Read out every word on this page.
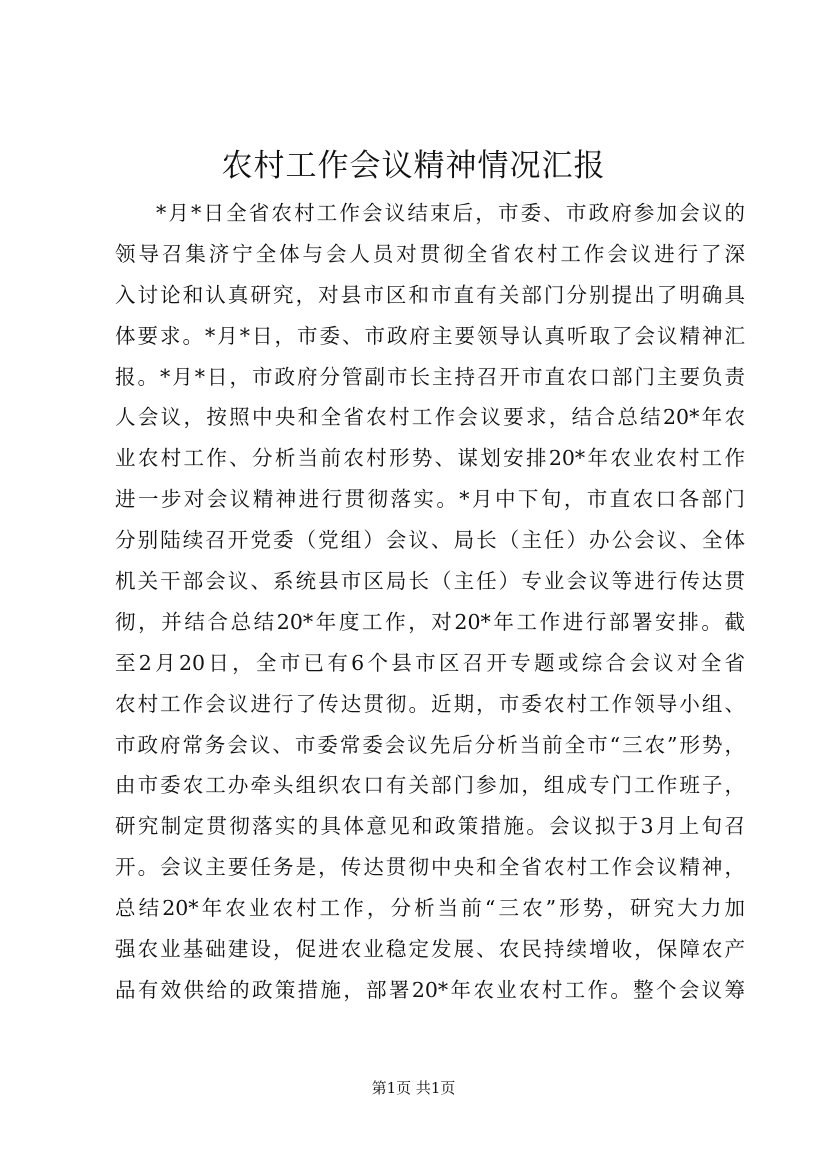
农村工作会议精神情况汇报
*月*日全省农村工作会议结束后，市委、市政府参加会议的
领导召集济宁全体与会人员对贯彻全省农村工作会议进行了深
入讨论和认真研究，对县市区和市直有关部门分别提出了明确具
体要求。*月*日，市委、市政府主要领导认真听取了会议精神汇
报。*月*日，市政府分管副市长主持召开市直农口部门主要负责
人会议，按照中央和全省农村工作会议要求，结合总结20*年农
业农村工作、分析当前农村形势、谋划安排20*年农业农村工作
进一步对会议精神进行贯彻落实。*月中下旬，市直农口各部门
分别陆续召开党委（党组）会议、局长（主任）办公会议、全体
机关干部会议、系统县市区局长（主任）专业会议等进行传达贯
彻，并结合总结20*年度工作，对20*年工作进行部署安排。截
至2月20日，全市已有6个县市区召开专题或综合会议对全省
农村工作会议进行了传达贯彻。近期，市委农村工作领导小组、
市政府常务会议、市委常委会议先后分析当前全市“三农”形势，
由市委农工办牵头组织农口有关部门参加，组成专门工作班子，
研究制定贯彻落实的具体意见和政策措施。会议拟于3月上旬召
开。会议主要任务是，传达贯彻中央和全省农村工作会议精神，
总结20*年农业农村工作，分析当前“三农”形势，研究大力加
强农业基础建设，促进农业稳定发展、农民持续增收，保障农产
品有效供给的政策措施，部署20*年农业农村工作。整个会议筹
第1页 共1页
